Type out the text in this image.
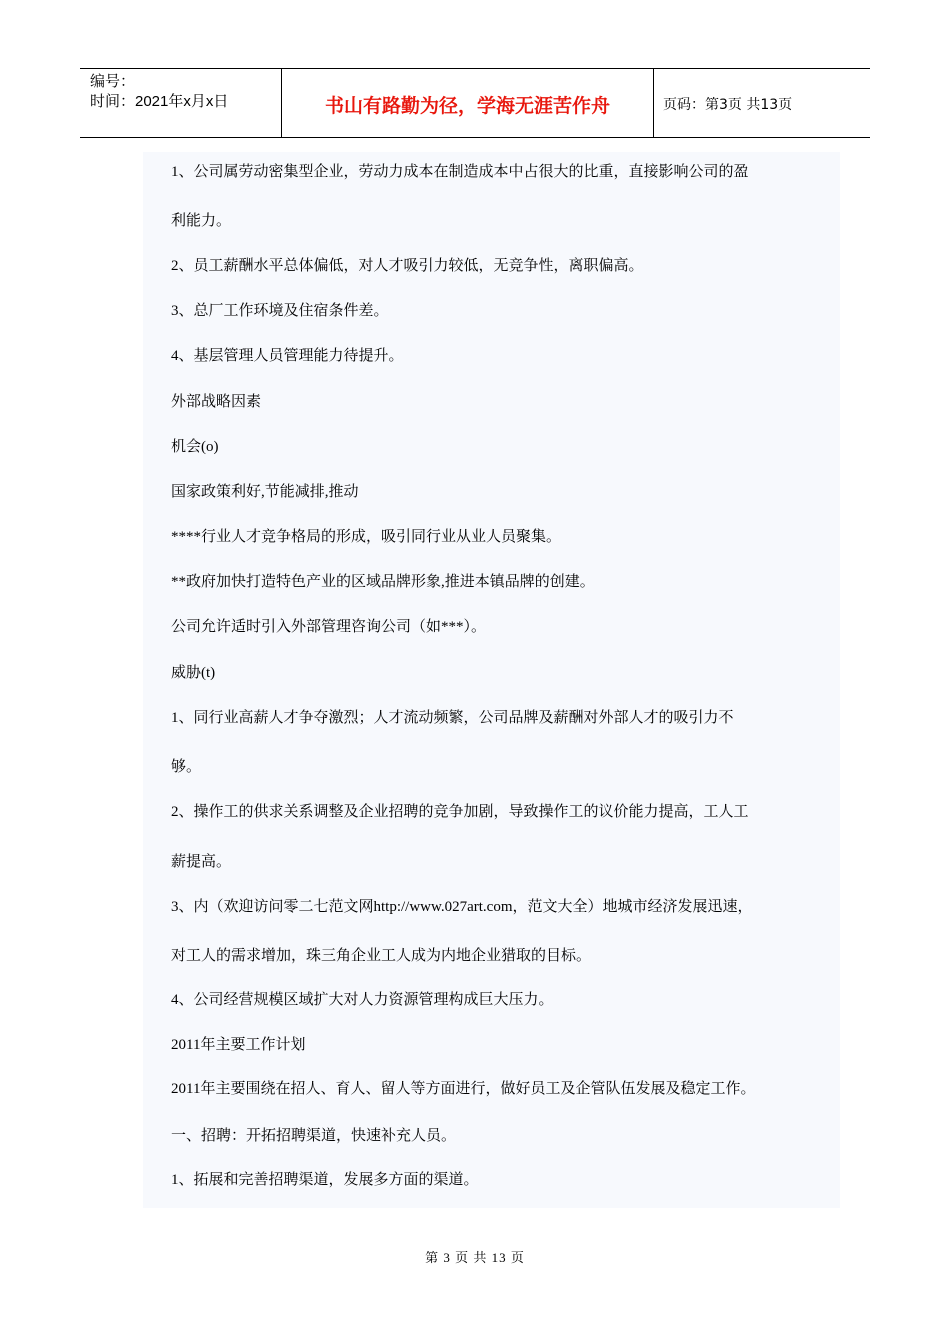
编号：
时间：2021年x月x日	书山有路勤为径，学海无涯苦作舟	页码：第3页 共13页
1、公司属劳动密集型企业，劳动力成本在制造成本中占很大的比重，直接影响公司的盈
利能力。
2、员工薪酬水平总体偏低，对人才吸引力较低，无竞争性，离职偏高。
3、总厂工作环境及住宿条件差。
4、基层管理人员管理能力待提升。
外部战略因素
机会(o)
国家政策利好,节能减排,推动
****行业人才竞争格局的形成，吸引同行业从业人员聚集。
**政府加快打造特色产业的区域品牌形象,推进本镇品牌的创建。
公司允许适时引入外部管理咨询公司（如***）。
威胁(t)
1、同行业高薪人才争夺激烈；人才流动频繁，公司品牌及薪酬对外部人才的吸引力不
够。
2、操作工的供求关系调整及企业招聘的竞争加剧，导致操作工的议价能力提高，工人工
薪提高。
3、内（欢迎访问零二七范文网http://www.027art.com，范文大全）地城市经济发展迅速，
对工人的需求增加，珠三角企业工人成为内地企业猎取的目标。
4、公司经营规模区域扩大对人力资源管理构成巨大压力。
2011年主要工作计划
2011年主要围绕在招人、育人、留人等方面进行，做好员工及企管队伍发展及稳定工作。
一、招聘：开拓招聘渠道，快速补充人员。
1、拓展和完善招聘渠道，发展多方面的渠道。
第 3 页 共 13 页
